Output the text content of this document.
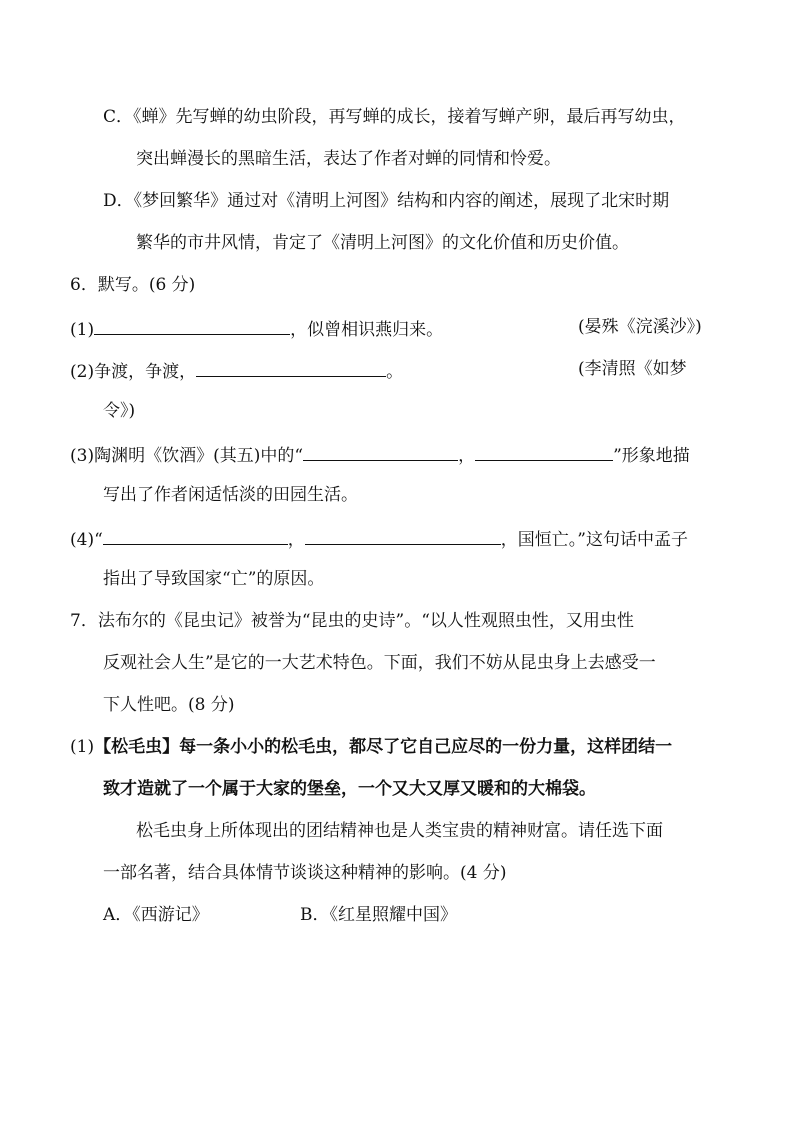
C．《蝉》先写蝉的幼虫阶段，再写蝉的成长，接着写蝉产卵，最后再写幼虫，
突出蝉漫长的黑暗生活，表达了作者对蝉的同情和怜爱。
D．《梦回繁华》通过对《清明上河图》结构和内容的阐述，展现了北宋时期
繁华的市井风情，肯定了《清明上河图》的文化价值和历史价值。
6．默写。(6 分)
(1)	，似曾相识燕归来。	(晏殊《浣溪沙》)
(2)争渡，争渡，	。	(李清照《如梦
令》)
(3)陶渊明《饮酒》(其五)中的“	，	”形象地描
写出了作者闲适恬淡的田园生活。
(4)“	，	，国恒亡。”这句话中孟子
指出了导致国家“亡”的原因。
7．法布尔的《昆虫记》被誉为“昆虫的史诗”。“以人性观照虫性，又用虫性
反观社会人生”是它的一大艺术特色。下面，我们不妨从昆虫身上去感受一
下人性吧。(8 分)
(1)【松毛虫】每一条小小的松毛虫，都尽了它自己应尽的一份力量，这样团结一
致才造就了一个属于大家的堡垒，一个又大又厚又暖和的大棉袋。
松毛虫身上所体现出的团结精神也是人类宝贵的精神财富。请任选下面
一部名著，结合具体情节谈谈这种精神的影响。(4 分)
A．《西游记》	B．《红星照耀中国》
